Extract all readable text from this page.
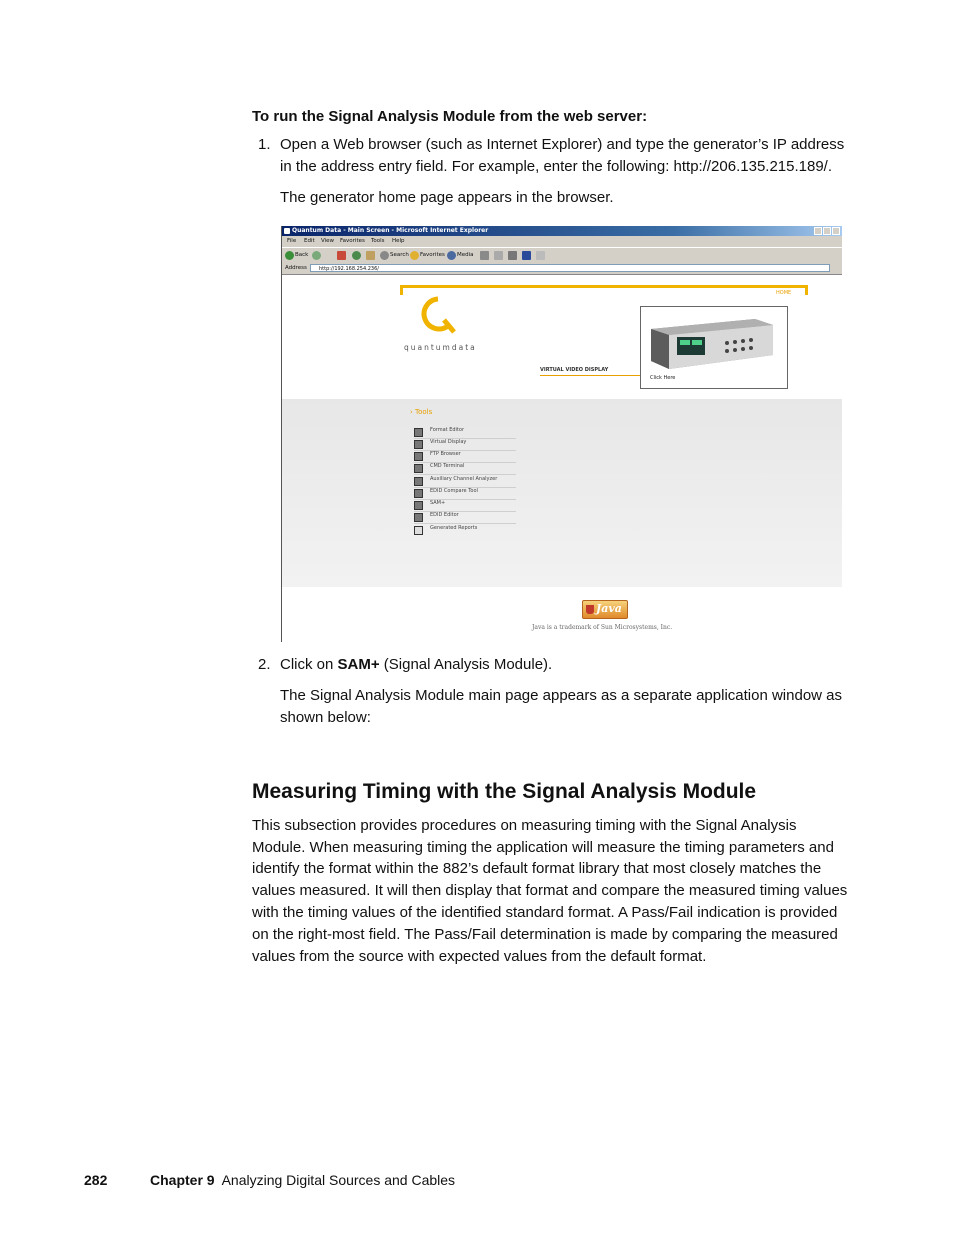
To run the Signal Analysis Module from the web server:
1. Open a Web browser (such as Internet Explorer) and type the generator’s IP address
in the address entry field. For example, enter the following: http://206.135.215.189/.
The generator home page appears in the browser.
Quantum Data - Main Screen - Microsoft Internet Explorer
File Edit View Favorites Tools Help
Back	Search Favorites Media
Address	http://192.168.254.236/
HOME
quantumdata
VIRTUAL VIDEO DISPLAY
Click Here
› Tools
Format Editor
Virtual Display
FTP Browser
CMD Terminal
Auxiliary Channel Analyzer
EDID Compare Tool
SAM+
EDID Editor
Generated Reports
Java
Java is a trademark of Sun Microsystems, Inc.
2. Click on SAM+ (Signal Analysis Module).
The Signal Analysis Module main page appears as a separate application window as
shown below:
Measuring Timing with the Signal Analysis Module
This subsection provides procedures on measuring timing with the Signal Analysis
Module. When measuring timing the application will measure the timing parameters and
identify the format within the 882’s default format library that most closely matches the
values measured. It will then display that format and compare the measured timing values
with the timing values of the identified standard format. A Pass/Fail indication is provided
on the right-most field. The Pass/Fail determination is made by comparing the measured
values from the source with expected values from the default format.
282	Chapter 9 Analyzing Digital Sources and Cables
